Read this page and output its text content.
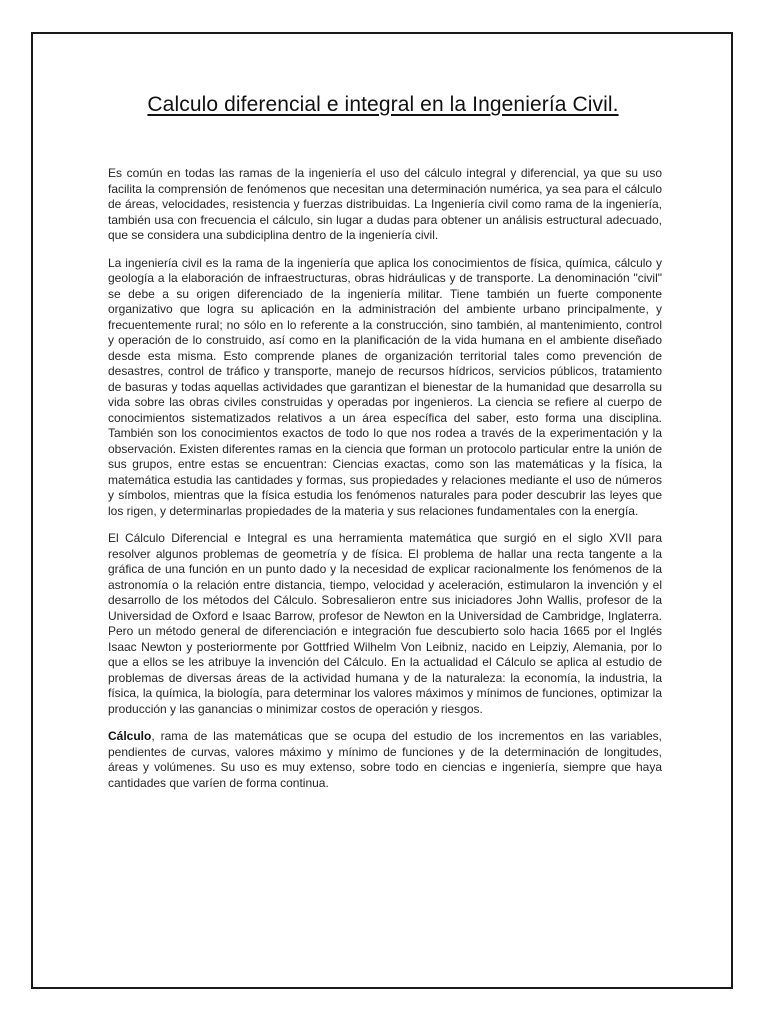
Calculo diferencial e integral en la Ingeniería Civil.

Es común en todas las ramas de la ingeniería el uso del cálculo integral y diferencial, ya que su uso facilita la comprensión de fenómenos que necesitan una determinación numérica, ya sea para el cálculo de áreas, velocidades, resistencia y fuerzas distribuidas. La Ingeniería civil como rama de la ingeniería, también usa con frecuencia el cálculo, sin lugar a dudas para obtener un análisis estructural adecuado, que se considera una subdiciplina dentro de la ingeniería civil.

La ingeniería civil es la rama de la ingeniería que aplica los conocimientos de física, química, cálculo y geología a la elaboración de infraestructuras, obras hidráulicas y de transporte. La denominación "civil" se debe a su origen diferenciado de la ingeniería militar. Tiene también un fuerte componente organizativo que logra su aplicación en la administración del ambiente urbano principalmente, y frecuentemente rural; no sólo en lo referente a la construcción, sino también, al mantenimiento, control y operación de lo construido, así como en la planificación de la vida humana en el ambiente diseñado desde esta misma. Esto comprende planes de organización territorial tales como prevención de desastres, control de tráfico y transporte, manejo de recursos hídricos, servicios públicos, tratamiento de basuras y todas aquellas actividades que garantizan el bienestar de la humanidad que desarrolla su vida sobre las obras civiles construidas y operadas por ingenieros. La ciencia se refiere al cuerpo de conocimientos sistematizados relativos a un área específica del saber, esto forma una disciplina. También son los conocimientos exactos de todo lo que nos rodea a través de la experimentación y la observación. Existen diferentes ramas en la ciencia que forman un protocolo particular entre la unión de sus grupos, entre estas se encuentran: Ciencias exactas, como son las matemáticas y la física, la matemática estudia las cantidades y formas, sus propiedades y relaciones mediante el uso de números y símbolos, mientras que la física estudia los fenómenos naturales para poder descubrir las leyes que los rigen, y determinarlas propiedades de la materia y sus relaciones fundamentales con la energía.

El Cálculo Diferencial e Integral es una herramienta matemática que surgió en el siglo XVII para resolver algunos problemas de geometría y de física. El problema de hallar una recta tangente a la gráfica de una función en un punto dado y la necesidad de explicar racionalmente los fenómenos de la astronomía o la relación entre distancia, tiempo, velocidad y aceleración, estimularon la invención y el desarrollo de los métodos del Cálculo. Sobresalieron entre sus iniciadores John Wallis, profesor de la Universidad de Oxford e Isaac Barrow, profesor de Newton en la Universidad de Cambridge, Inglaterra. Pero un método general de diferenciación e integración fue descubierto solo hacia 1665 por el Inglés Isaac Newton y posteriormente por Gottfried Wilhelm Von Leibniz, nacido en Leipziy, Alemania, por lo que a ellos se les atribuye la invención del Cálculo. En la actualidad el Cálculo se aplica al estudio de problemas de diversas áreas de la actividad humana y de la naturaleza: la economía, la industria, la física, la química, la biología, para determinar los valores máximos y mínimos de funciones, optimizar la producción y las ganancias o minimizar costos de operación y riesgos.

Cálculo, rama de las matemáticas que se ocupa del estudio de los incrementos en las variables, pendientes de curvas, valores máximo y mínimo de funciones y de la determinación de longitudes, áreas y volúmenes. Su uso es muy extenso, sobre todo en ciencias e ingeniería, siempre que haya cantidades que varíen de forma continua.
